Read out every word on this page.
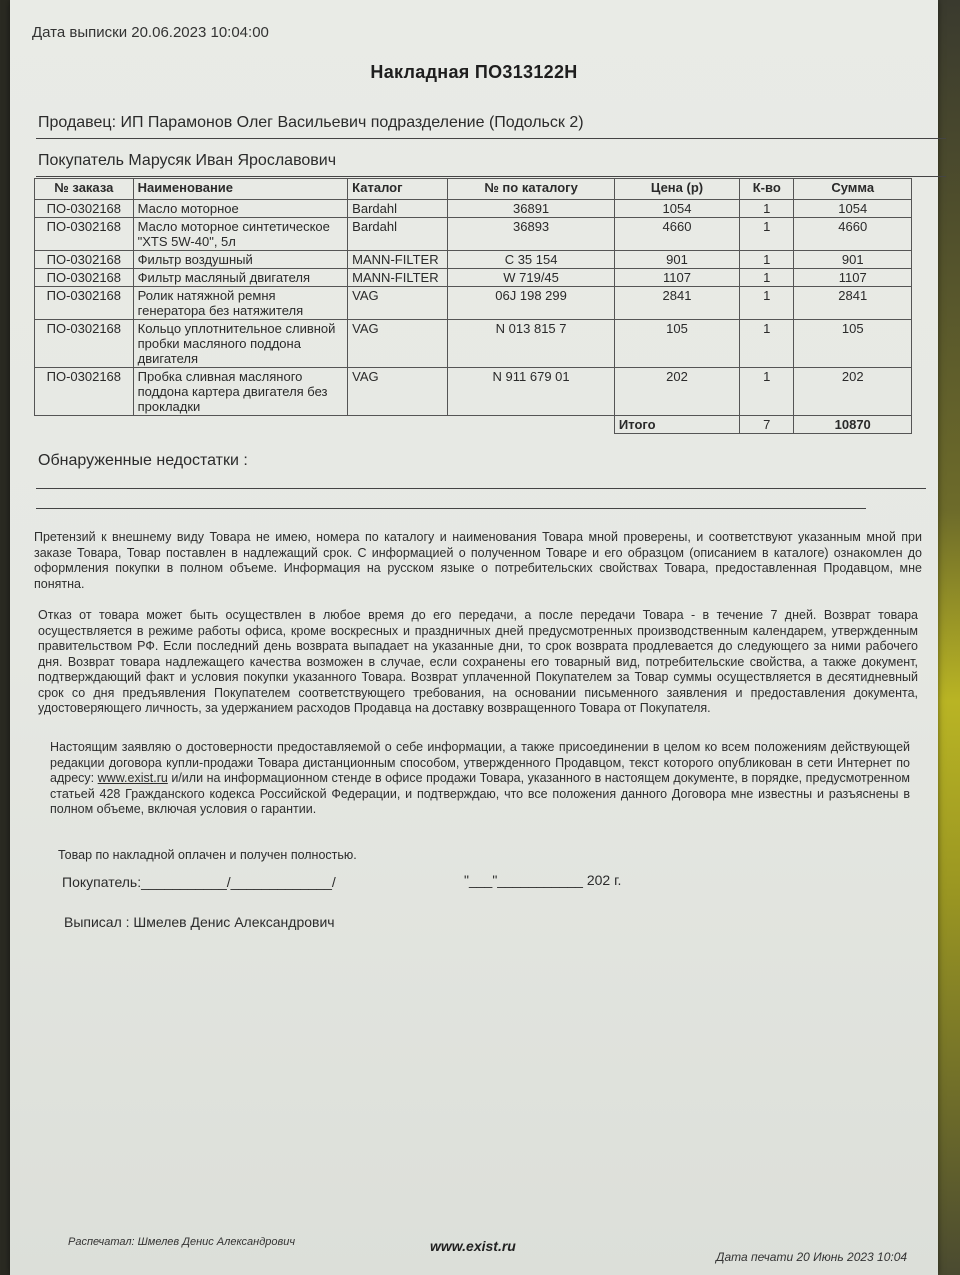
Дата выписки 20.06.2023 10:04:00
Накладная ПО313122Н
Продавец: ИП Парамонов Олег Васильевич подразделение (Подольск 2)
Покупатель Марусяк Иван Ярославович
№ заказа	Наименование	Каталог	№ по каталогу	Цена (р)	К-во	Сумма
ПО-0302168	Масло моторное	Bardahl	36891	1054	1	1054
ПО-0302168	Масло моторное синтетическое "XTS 5W-40", 5л	Bardahl	36893	4660	1	4660
ПО-0302168	Фильтр воздушный	MANN-FILTER	C 35 154	901	1	901
ПО-0302168	Фильтр масляный двигателя	MANN-FILTER	W 719/45	1107	1	1107
ПО-0302168	Ролик натяжной ремня генератора без натяжителя	VAG	06J 198 299	2841	1	2841
ПО-0302168	Кольцо уплотнительное сливной пробки масляного поддона двигателя	VAG	N 013 815 7	105	1	105
ПО-0302168	Пробка сливная масляного поддона картера двигателя без прокладки	VAG	N 911 679 01	202	1	202
				Итого	7	10870
Обнаруженные недостатки :
Претензий к внешнему виду Товара не имею, номера по каталогу и наименования Товара мной проверены, и соответствуют указанным мной при заказе Товара, Товар поставлен в надлежащий срок. С информацией о полученном Товаре и его образцом (описанием в каталоге) ознакомлен до оформления покупки в полном объеме. Информация на русском языке о потребительских свойствах Товара, предоставленная Продавцом, мне понятна.
Отказ от товара может быть осуществлен в любое время до его передачи, а после передачи Товара - в течение 7 дней. Возврат товара осуществляется в режиме работы офиса, кроме воскресных и праздничных дней предусмотренных производственным календарем, утвержденным правительством РФ. Если последний день возврата выпадает на указанные дни, то срок возврата продлевается до следующего за ними рабочего дня. Возврат товара надлежащего качества возможен в случае, если сохранены его товарный вид, потребительские свойства, а также документ, подтверждающий факт и условия покупки указанного Товара. Возврат уплаченной Покупателем за Товар суммы осуществляется в десятидневный срок со дня предъявления Покупателем соответствующего требования, на основании письменного заявления и предоставления документа, удостоверяющего личность, за удержанием расходов Продавца на доставку возвращенного Товара от Покупателя.
Настоящим заявляю о достоверности предоставляемой о себе информации, а также присоединении в целом ко всем положениям действующей редакции договора купли-продажи Товара дистанционным способом, утвержденного Продавцом, текст которого опубликован в сети Интернет по адресу: www.exist.ru и/или на информационном стенде в офисе продажи Товара, указанного в настоящем документе, в порядке, предусмотренном статьей 428 Гражданского кодекса Российской Федерации, и подтверждаю, что все положения данного Договора мне известны и разъяснены в полном объеме, включая условия о гарантии.
Товар по накладной оплачен и получен полностью.
Покупатель:___________/_____________/	"___"___________ 202 г.
Выписал : Шмелев Денис Александрович
Распечатал: Шмелев Денис Александрович	www.exist.ru
Дата печати 20 Июнь 2023 10:04
